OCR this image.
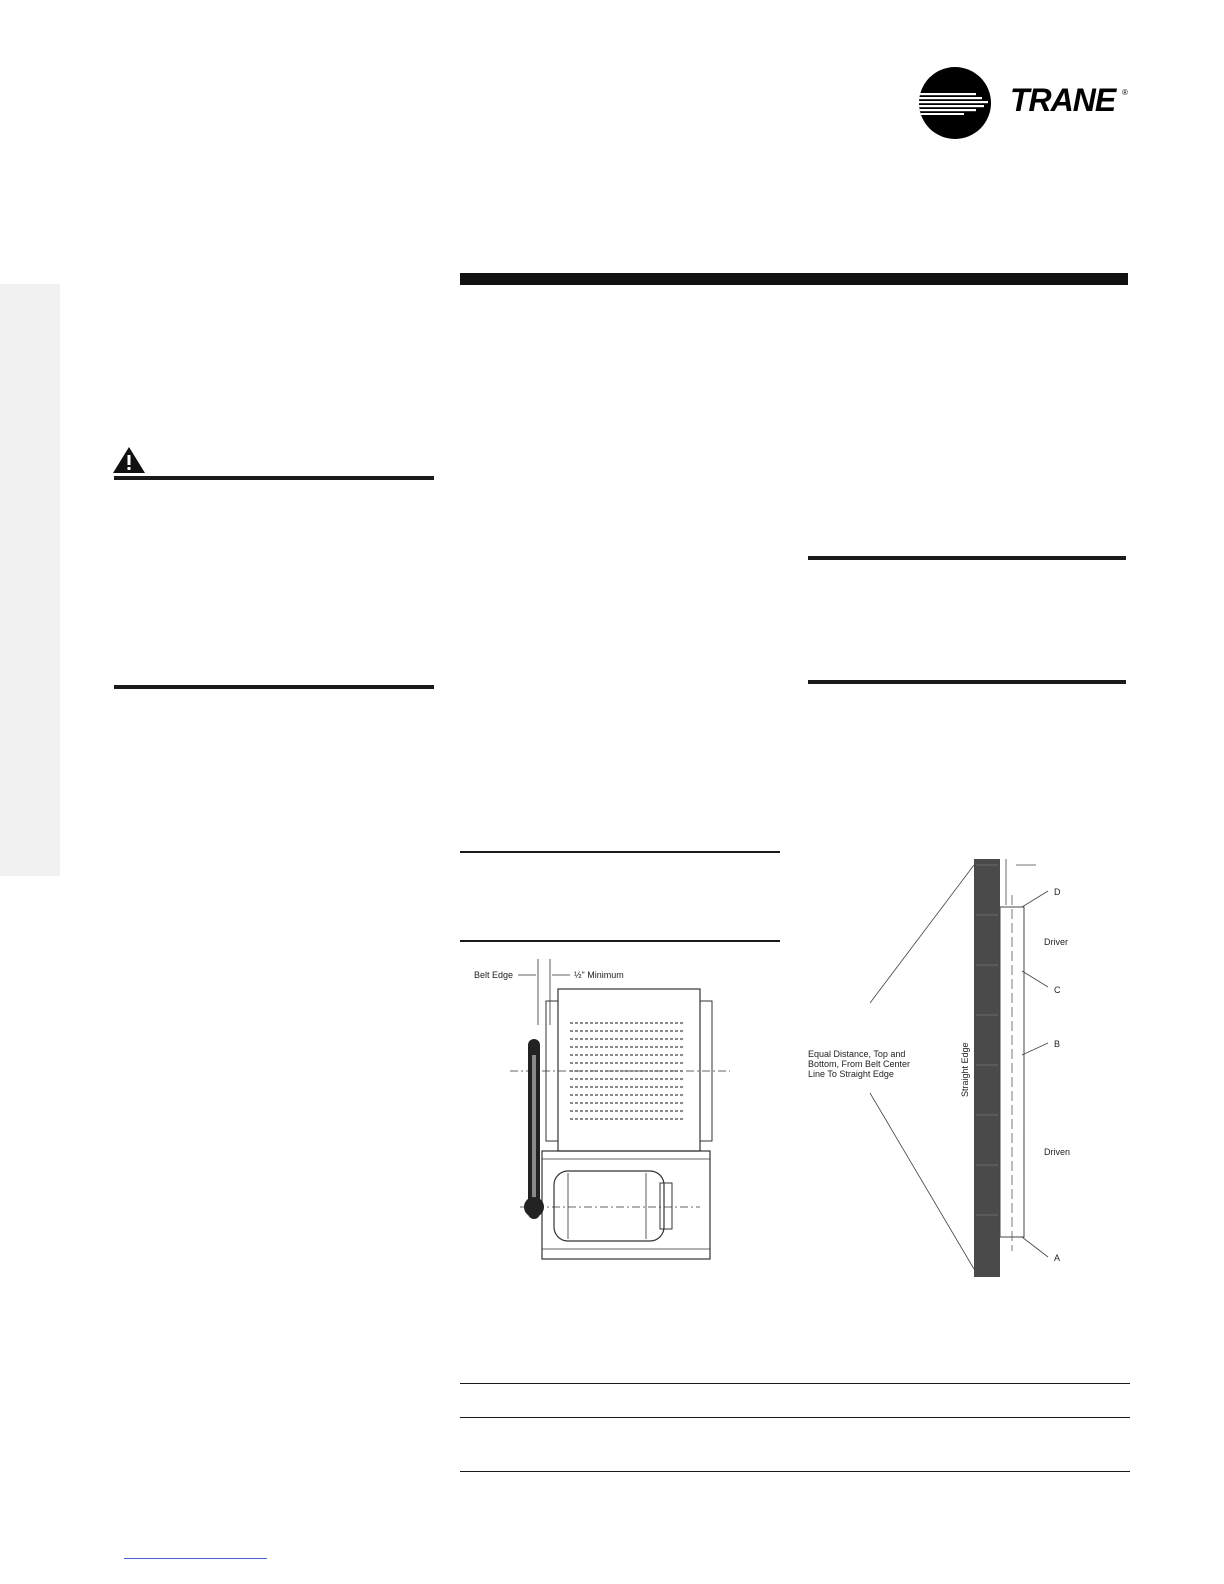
TRANE ®
Belt Edge	½" Minimum
D
Driver
C
B
Driven
A
Straight Edge
Equal Distance, Top and
Bottom, From Belt Center
Line To Straight Edge
